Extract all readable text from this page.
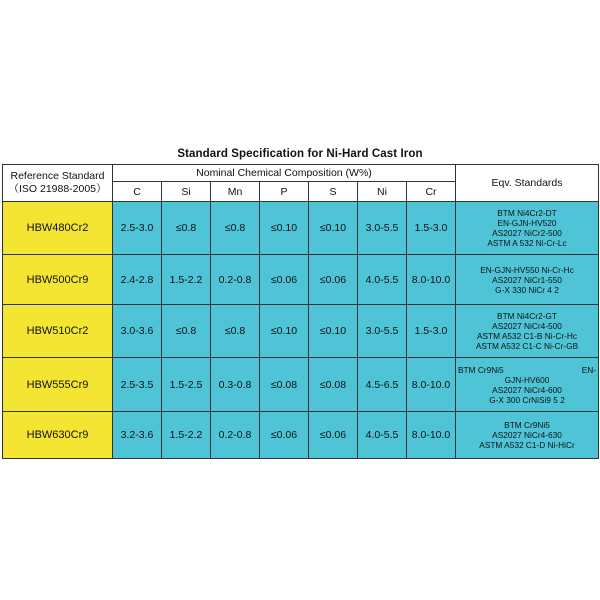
Standard Specification for Ni-Hard Cast Iron
Reference Standard
（ISO 21988-2005）	Nominal Chemical Composition (W%)							Eqv. Standards
	C	Si	Mn	P	S	Ni	Cr	
HBW480Cr2	2.5-3.0	≤0.8	≤0.8	≤0.10	≤0.10	3.0-5.5	1.5-3.0	BTM Ni4Cr2-DT
EN-GJN-HV520
AS2027 NiCr2-500
ASTM A 532 Ni-Cr-Lc

HBW500Cr9	2.4-2.8	1.5-2.2	0.2-0.8	≤0.06	≤0.06	4.0-5.5	8.0-10.0	EN-GJN-HV550 Ni-Cr-Hc
AS2027 NiCr1-550
G-X 330 NiCr 4 2

HBW510Cr2	3.0-3.6	≤0.8	≤0.8	≤0.10	≤0.10	3.0-5.5	1.5-3.0	BTM Ni4Cr2-GT
AS2027 NiCr4-500
ASTM A532 C1-B Ni-Cr-Hc
ASTM A532 C1-C Ni-Cr-GB

HBW555Cr9	2.5-3.5	1.5-2.5	0.3-0.8	≤0.08	≤0.08	4.5-6.5	8.0-10.0	BTM Cr9Ni5 EN-
GJN-HV600
AS2027 NiCr4-600
G-X 300 CrNiSi9 5 2

HBW630Cr9	3.2-3.6	1.5-2.2	0.2-0.8	≤0.06	≤0.06	4.0-5.5	8.0-10.0	BTM Cr9Ni5
AS2027 NiCr4-630
ASTM A532 C1-D Ni-HiCr
